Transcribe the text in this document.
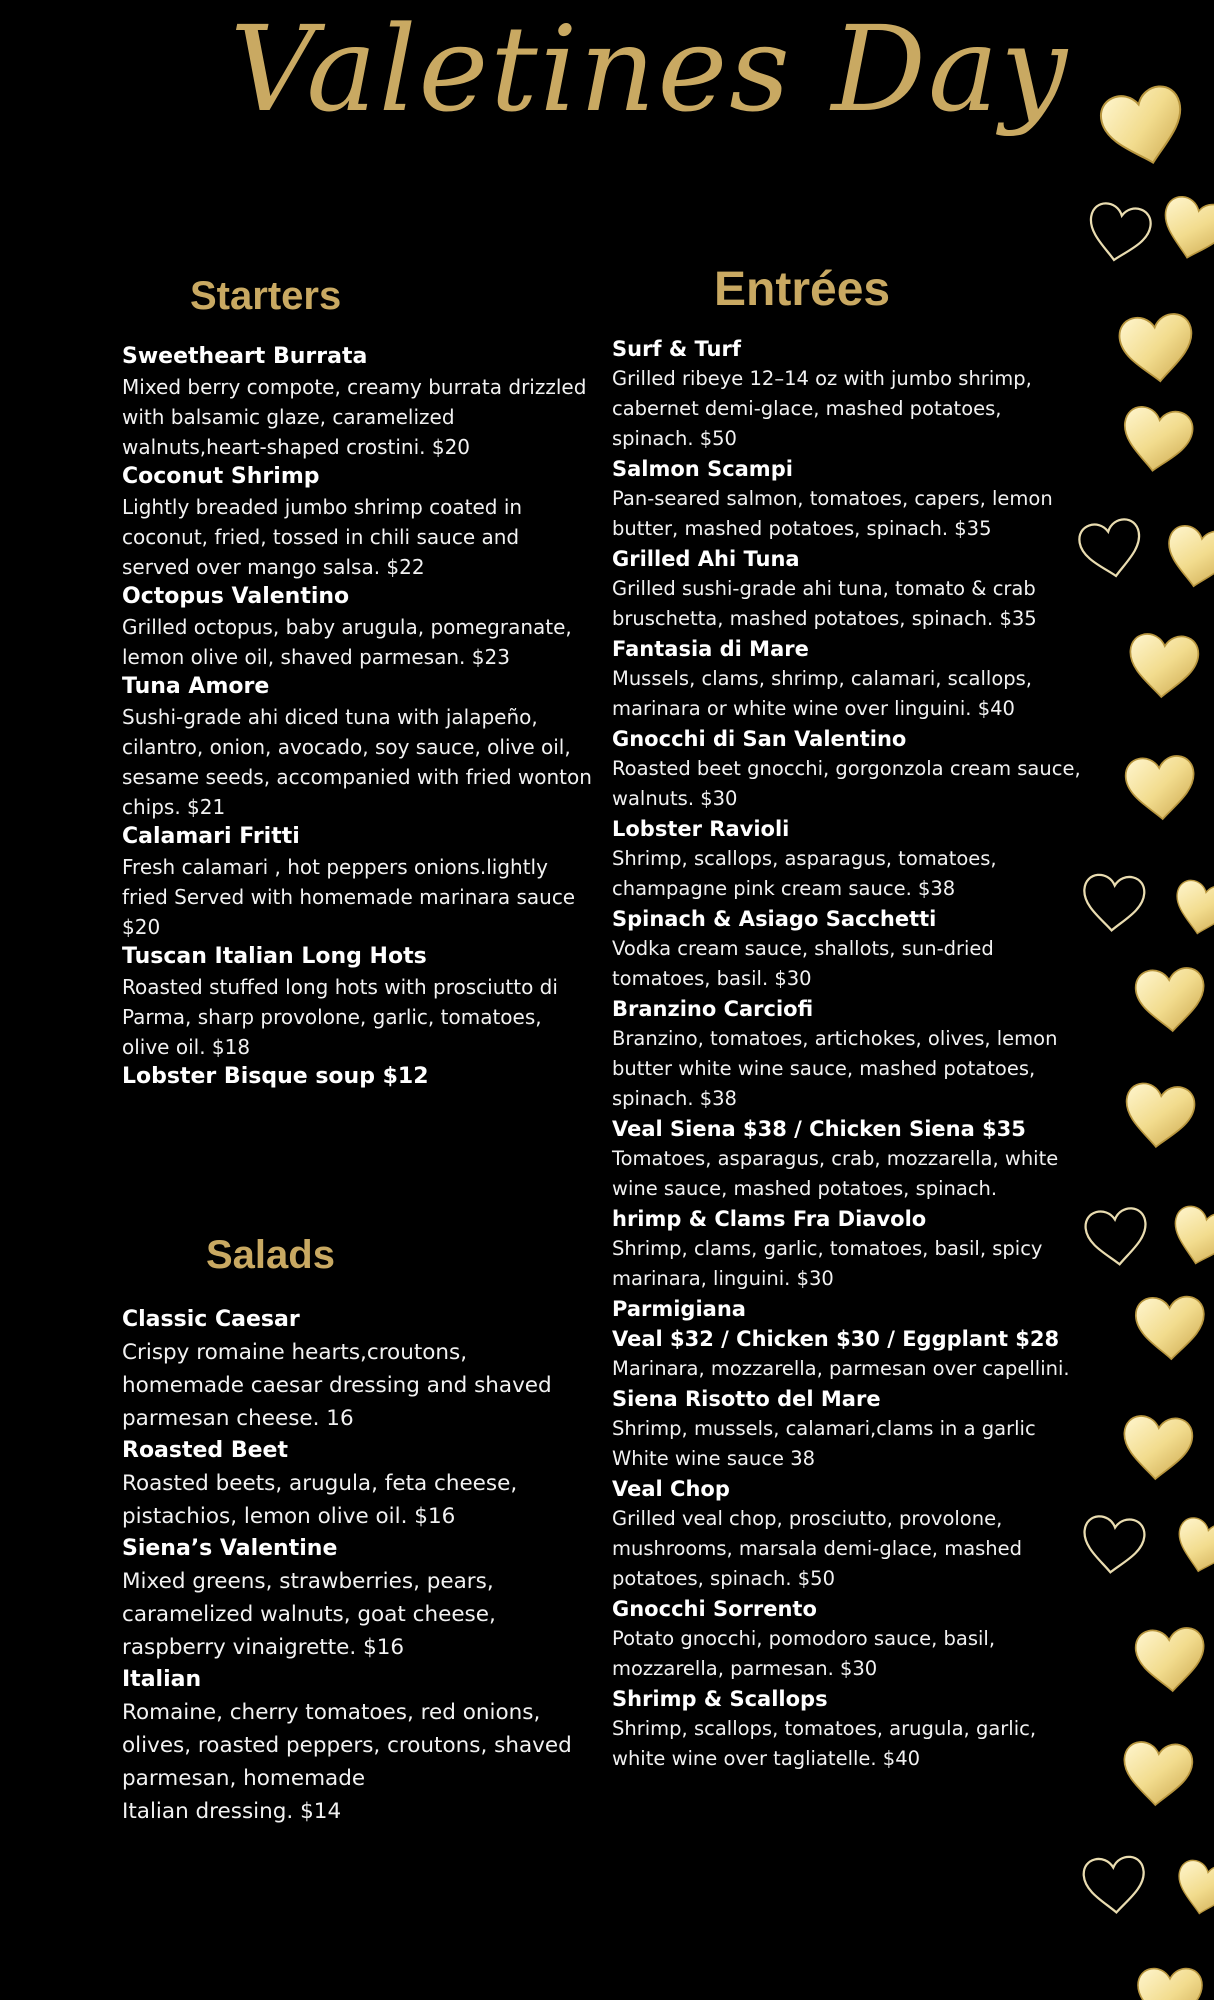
Valetines Day
Starters
Sweetheart Burrata
Mixed berry compote, creamy burrata drizzled with balsamic glaze, caramelized walnuts,heart-shaped crostini. $20
Coconut Shrimp
Lightly breaded jumbo shrimp coated in coconut, fried, tossed in chili sauce and served over mango salsa. $22
Octopus Valentino
Grilled octopus, baby arugula, pomegranate, lemon olive oil, shaved parmesan. $23
Tuna Amore
Sushi-grade ahi diced tuna with jalapeño, cilantro, onion, avocado, soy sauce, olive oil, sesame seeds, accompanied with fried wonton chips. $21
Calamari Fritti
Fresh calamari , hot peppers onions.lightly fried Served with homemade marinara sauce $20
Tuscan Italian Long Hots
Roasted stuffed long hots with prosciutto di Parma, sharp provolone, garlic, tomatoes, olive oil. $18
Lobster Bisque soup $12
Salads
Classic Caesar
Crispy romaine hearts,croutons, homemade caesar dressing and shaved parmesan cheese. 16
Roasted Beet
Roasted beets, arugula, feta cheese, pistachios, lemon olive oil. $16
Siena’s Valentine
Mixed greens, strawberries, pears, caramelized walnuts, goat cheese, raspberry vinaigrette. $16
Italian
Romaine, cherry tomatoes, red onions, olives, roasted peppers, croutons, shaved parmesan, homemade
Italian dressing. $14
Entrées
Surf & Turf
Grilled ribeye 12–14 oz with jumbo shrimp, cabernet demi-glace, mashed potatoes, spinach. $50
Salmon Scampi
Pan-seared salmon, tomatoes, capers, lemon butter, mashed potatoes, spinach. $35
Grilled Ahi Tuna
Grilled sushi-grade ahi tuna, tomato & crab bruschetta, mashed potatoes, spinach. $35
Fantasia di Mare
Mussels, clams, shrimp, calamari, scallops, marinara or white wine over linguini. $40
Gnocchi di San Valentino
Roasted beet gnocchi, gorgonzola cream sauce, walnuts. $30
Lobster Ravioli
Shrimp, scallops, asparagus, tomatoes, champagne pink cream sauce. $38
Spinach & Asiago Sacchetti
Vodka cream sauce, shallots, sun-dried tomatoes, basil. $30
Branzino Carciofi
Branzino, tomatoes, artichokes, olives, lemon butter white wine sauce, mashed potatoes, spinach. $38
Veal Siena $38 / Chicken Siena $35
Tomatoes, asparagus, crab, mozzarella, white wine sauce, mashed potatoes, spinach.
hrimp & Clams Fra Diavolo
Shrimp, clams, garlic, tomatoes, basil, spicy marinara, linguini. $30
Parmigiana
Veal $32 / Chicken $30 / Eggplant $28
Marinara, mozzarella, parmesan over capellini.
Siena Risotto del Mare
Shrimp, mussels, calamari,clams in a garlic White wine sauce 38
Veal Chop
Grilled veal chop, prosciutto, provolone, mushrooms, marsala demi-glace, mashed potatoes, spinach. $50
Gnocchi Sorrento
Potato gnocchi, pomodoro sauce, basil, mozzarella, parmesan. $30
Shrimp & Scallops
Shrimp, scallops, tomatoes, arugula, garlic, white wine over tagliatelle. $40
